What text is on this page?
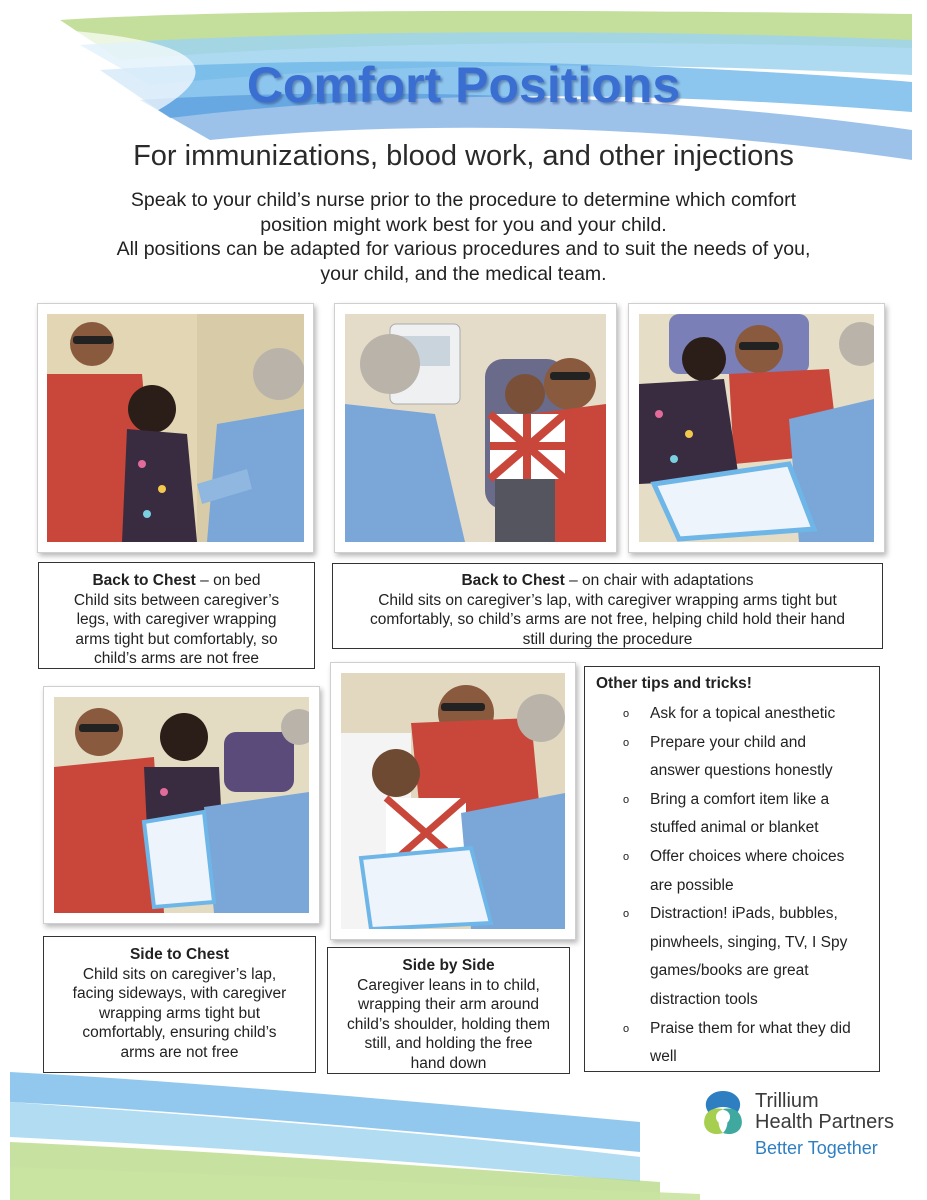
Comfort Positions
For immunizations, blood work, and other injections
Speak to your child’s nurse prior to the procedure to determine which comfort
position might work best for you and your child.
All positions can be adapted for various procedures and to suit the needs of you,
your child, and the medical team.
Back to Chest – on bed
Child sits between caregiver’s
legs, with caregiver wrapping
arms tight but comfortably, so
child’s arms are not free
Back to Chest – on chair with adaptations
Child sits on caregiver’s lap, with caregiver wrapping arms tight but
comfortably, so child’s arms are not free, helping child hold their hand
still during the procedure
Side to Chest
Child sits on caregiver’s lap,
facing sideways, with caregiver
wrapping arms tight but
comfortably, ensuring child’s
arms are not free
Side by Side
Caregiver leans in to child,
wrapping their arm around
child’s shoulder, holding them
still, and holding the free
hand down
Other tips and tricks!
o Ask for a topical anesthetic
o Prepare your child and
answer questions honestly
o Bring a comfort item like a
stuffed animal or blanket
o Offer choices where choices
are possible
o Distraction! iPads, bubbles,
pinwheels, singing, TV, I Spy
games/books are great
distraction tools
o Praise them for what they did
well
Trillium
Health Partners
Better Together
